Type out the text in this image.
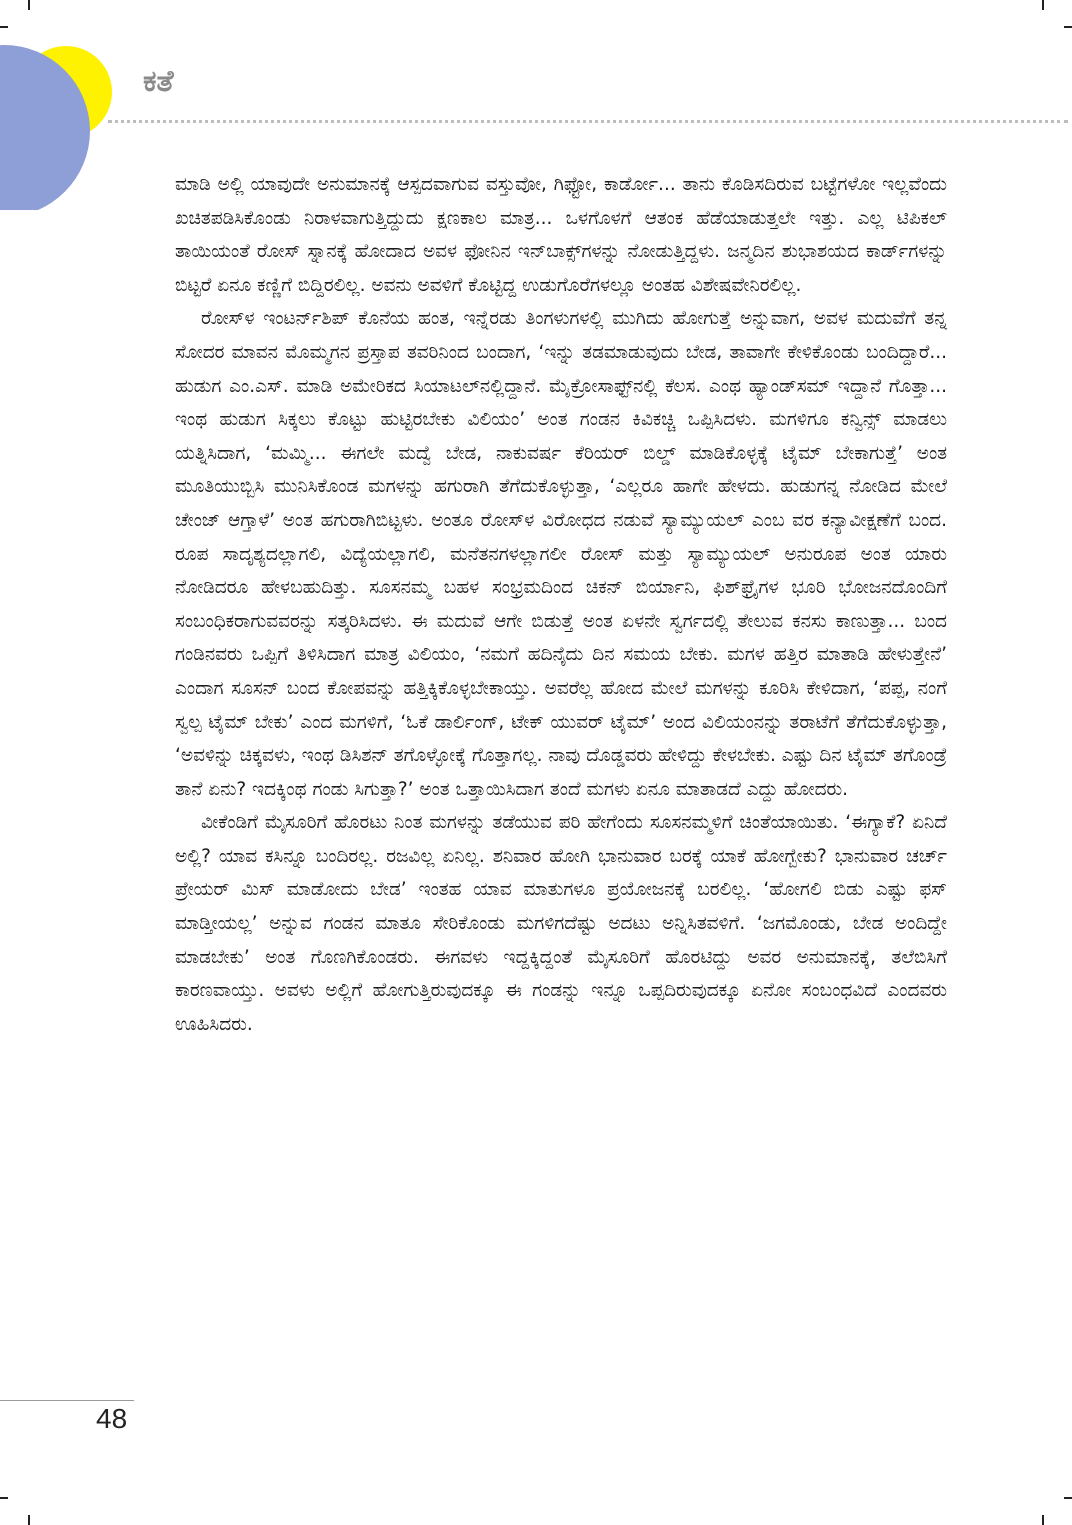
ಕತೆ

ಮಾಡಿ ಅಲ್ಲಿ ಯಾವುದೇ ಅನುಮಾನಕ್ಕೆ ಆಸ್ಪದವಾಗುವ ವಸ್ತುವೋ, ಗಿಫ್ಟೋ, ಕಾರ್ಡೋ... ತಾನು ಕೊಡಿಸದಿರುವ ಬಟ್ಟೆಗಳೋ ಇಲ್ಲವೆಂದು ಖಚಿತಪಡಿಸಿಕೊಂಡು ನಿರಾಳವಾಗುತ್ತಿದ್ದುದು ಕ್ಷಣಕಾಲ ಮಾತ್ರ... ಒಳಗೊಳಗೆ ಆತಂಕ ಹೆಡೆಯಾಡುತ್ತಲೇ ಇತ್ತು. ಎಲ್ಲ ಟಿಪಿಕಲ್ ತಾಯಿಯಂತೆ ರೋಸ್ ಸ್ನಾನಕ್ಕೆ ಹೋದಾದ ಅವಳ ಫೋನಿನ ಇನ್‌ಬಾಕ್ಸ್‌ಗಳನ್ನು ನೋಡುತ್ತಿದ್ದಳು. ಜನ್ಮದಿನ ಶುಭಾಶಯದ ಕಾರ್ಡ್‌ಗಳನ್ನು ಬಿಟ್ಟರೆ ಏನೂ ಕಣ್ಣಿಗೆ ಬಿದ್ದಿರಲಿಲ್ಲ. ಅವನು ಅವಳಿಗೆ ಕೊಟ್ಟಿದ್ದ ಉಡುಗೊರೆಗಳಲ್ಲೂ ಅಂತಹ ವಿಶೇಷವೇನಿರಲಿಲ್ಲ.

ರೋಸ್‌ಳ ಇಂಟರ್ನ್‌ಶಿಪ್ ಕೊನೆಯ ಹಂತ, ಇನ್ನೆರಡು ತಿಂಗಳುಗಳಲ್ಲಿ ಮುಗಿದು ಹೋಗುತ್ತೆ ಅನ್ನುವಾಗ, ಅವಳ ಮದುವೆಗೆ ತನ್ನ ಸೋದರ ಮಾವನ ಮೊಮ್ಮಗನ ಪ್ರಸ್ತಾಪ ತವರಿನಿಂದ ಬಂದಾಗ, ‘ಇನ್ನು ತಡಮಾಡುವುದು ಬೇಡ, ತಾವಾಗೇ ಕೇಳಿಕೊಂಡು ಬಂದಿದ್ದಾರೆ... ಹುಡುಗ ಎಂ.ಎಸ್. ಮಾಡಿ ಅಮೇರಿಕದ ಸಿಯಾಟಲ್‌ನಲ್ಲಿದ್ದಾನೆ. ಮೈಕ್ರೋಸಾಫ್ಟ್‌ನಲ್ಲಿ ಕೆಲಸ. ಎಂಥ ಹ್ಯಾಂಡ್‌ಸಮ್ ಇದ್ದಾನೆ ಗೊತ್ತಾ... ಇಂಥ ಹುಡುಗ ಸಿಕ್ಕಲು ಕೊಟ್ಟು ಹುಟ್ಟಿರಬೇಕು ವಿಲಿಯಂ’ ಅಂತ ಗಂಡನ ಕಿವಿಕಚ್ಚಿ ಒಪ್ಪಿಸಿದಳು. ಮಗಳಿಗೂ ಕನ್ವಿನ್ಸ್ ಮಾಡಲು ಯತ್ನಿಸಿದಾಗ, ‘ಮಮ್ಮಿ... ಈಗಲೇ ಮದ್ವೆ ಬೇಡ, ನಾಕುವರ್ಷ ಕೆರಿಯರ್ ಬಿಲ್ಡ್ ಮಾಡಿಕೊಳ್ಳಕ್ಕೆ ಟೈಮ್ ಬೇಕಾಗುತ್ತೆ’ ಅಂತ ಮೂತಿಯುಬ್ಬಿಸಿ ಮುನಿಸಿಕೊಂಡ ಮಗಳನ್ನು ಹಗುರಾಗಿ ತೆಗೆದುಕೊಳ್ಳುತ್ತಾ, ‘ಎಲ್ಲರೂ ಹಾಗೇ ಹೇಳದು. ಹುಡುಗನ್ನ ನೋಡಿದ ಮೇಲೆ ಚೇಂಜ್ ಆಗ್ತಾಳೆ’ ಅಂತ ಹಗುರಾಗಿಬಿಟ್ಟಳು. ಅಂತೂ ರೋಸ್‌ಳ ವಿರೋಧದ ನಡುವೆ ಸ್ಯಾಮ್ಯುಯಲ್ ಎಂಬ ವರ ಕನ್ಯಾವೀಕ್ಷಣೆಗೆ ಬಂದ. ರೂಪ ಸಾದೃಶ್ಯದಲ್ಲಾಗಲಿ, ವಿದ್ಯೆಯಲ್ಲಾಗಲಿ, ಮನೆತನಗಳಲ್ಲಾಗಲೀ ರೋಸ್ ಮತ್ತು ಸ್ಯಾಮ್ಯುಯಲ್ ಅನುರೂಪ ಅಂತ ಯಾರು ನೋಡಿದರೂ ಹೇಳಬಹುದಿತ್ತು. ಸೂಸನಮ್ಮ ಬಹಳ ಸಂಭ್ರಮದಿಂದ ಚಿಕನ್ ಬಿರ್ಯಾನಿ, ಫಿಶ್‌ಫ್ರೈಗಳ ಭೂರಿ ಭೋಜನದೊಂದಿಗೆ ಸಂಬಂಧಿಕರಾಗುವವರನ್ನು ಸತ್ಕರಿಸಿದಳು. ಈ ಮದುವೆ ಆಗೇ ಬಿಡುತ್ತೆ ಅಂತ ಏಳನೇ ಸ್ವರ್ಗದಲ್ಲಿ ತೇಲುವ ಕನಸು ಕಾಣುತ್ತಾ... ಬಂದ ಗಂಡಿನವರು ಒಪ್ಪಿಗೆ ತಿಳಿಸಿದಾಗ ಮಾತ್ರ ವಿಲಿಯಂ, ‘ನಮಗೆ ಹದಿನೈದು ದಿನ ಸಮಯ ಬೇಕು. ಮಗಳ ಹತ್ತಿರ ಮಾತಾಡಿ ಹೇಳುತ್ತೇನೆ’ ಎಂದಾಗ ಸೂಸನ್ ಬಂದ ಕೋಪವನ್ನು ಹತ್ತಿಕ್ಕಿಕೊಳ್ಳಬೇಕಾಯ್ತು. ಅವರೆಲ್ಲ ಹೋದ ಮೇಲೆ ಮಗಳನ್ನು ಕೂರಿಸಿ ಕೇಳಿದಾಗ, ‘ಪಪ್ಪ, ನಂಗೆ ಸ್ವಲ್ಪ ಟೈಮ್ ಬೇಕು’ ಎಂದ ಮಗಳಿಗೆ, ‘ಓಕೆ ಡಾರ್ಲಿಂಗ್, ಟೇಕ್ ಯುವರ್ ಟೈಮ್’ ಅಂದ ವಿಲಿಯಂನನ್ನು ತರಾಟೆಗೆ ತೆಗೆದುಕೊಳ್ಳುತ್ತಾ, ‘ಅವಳಿನ್ನು ಚಿಕ್ಕವಳು, ಇಂಥ ಡಿಸಿಶನ್ ತಗೊಳ್ಳೋಕ್ಕೆ ಗೊತ್ತಾಗಲ್ಲ. ನಾವು ದೊಡ್ಡವರು ಹೇಳಿದ್ದು ಕೇಳಬೇಕು. ಎಷ್ಟು ದಿನ ಟೈಮ್ ತಗೊಂಡ್ರೆ ತಾನೆ ಏನು? ಇದಕ್ಕಿಂಥ ಗಂಡು ಸಿಗುತ್ತಾ?’ ಅಂತ ಒತ್ತಾಯಿಸಿದಾಗ ತಂದೆ ಮಗಳು ಏನೂ ಮಾತಾಡದೆ ಎದ್ದು ಹೋದರು.

ವೀಕೆಂಡಿಗೆ ಮೈಸೂರಿಗೆ ಹೊರಟು ನಿಂತ ಮಗಳನ್ನು ತಡೆಯುವ ಪರಿ ಹೇಗೆಂದು ಸೂಸನಮ್ಮಳಿಗೆ ಚಿಂತೆಯಾಯಿತು. ‘ಈಗ್ಯಾಕೆ? ಏನಿದೆ ಅಲ್ಲಿ? ಯಾವ ಕಸಿನ್ನೂ ಬಂದಿರಲ್ಲ. ರಜವಿಲ್ಲ ಏನಿಲ್ಲ. ಶನಿವಾರ ಹೋಗಿ ಭಾನುವಾರ ಬರಕ್ಕೆ ಯಾಕೆ ಹೋಗ್ಬೇಕು? ಭಾನುವಾರ ಚರ್ಚ್ ಪ್ರೇಯರ್ ಮಿಸ್ ಮಾಡೋದು ಬೇಡ’ ಇಂತಹ ಯಾವ ಮಾತುಗಳೂ ಪ್ರಯೋಜನಕ್ಕೆ ಬರಲಿಲ್ಲ. ‘ಹೋಗಲಿ ಬಿಡು ಎಷ್ಟು ಫಸ್ ಮಾಡ್ತೀಯಲ್ಲ’ ಅನ್ನುವ ಗಂಡನ ಮಾತೂ ಸೇರಿಕೊಂಡು ಮಗಳಿಗದೆಷ್ಟು ಅದಟು ಅನ್ನಿಸಿತವಳಿಗೆ. ‘ಜಗಮೊಂಡು, ಬೇಡ ಅಂದಿದ್ದೇ ಮಾಡಬೇಕು’ ಅಂತ ಗೊಣಗಿಕೊಂಡರು. ಈಗವಳು ಇದ್ದಕ್ಕಿದ್ದಂತೆ ಮೈಸೂರಿಗೆ ಹೊರಟಿದ್ದು ಅವರ ಅನುಮಾನಕ್ಕೆ, ತಲೆಬಿಸಿಗೆ ಕಾರಣವಾಯ್ತು. ಅವಳು ಅಲ್ಲಿಗೆ ಹೋಗುತ್ತಿರುವುದಕ್ಕೂ ಈ ಗಂಡನ್ನು ಇನ್ನೂ ಒಪ್ಪದಿರುವುದಕ್ಕೂ ಏನೋ ಸಂಬಂಧವಿದೆ ಎಂದವರು ಊಹಿಸಿದರು.

48
